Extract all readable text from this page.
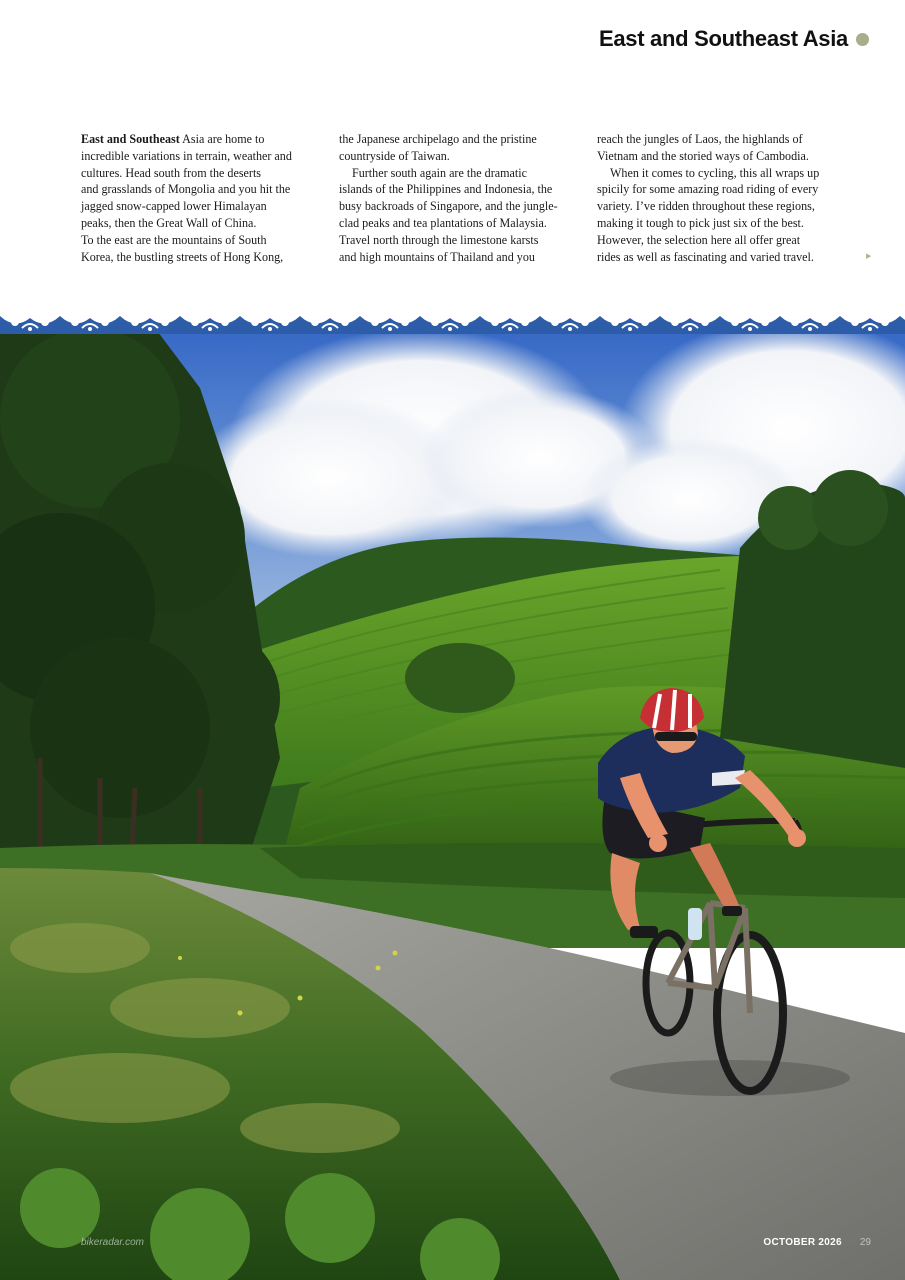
East and Southeast Asia

East and Southeast Asia are home to

incredible variations in terrain, weather and

cultures. Head south from the deserts

and grasslands of Mongolia and you hit the

jagged snow-capped lower Himalayan

peaks, then the Great Wall of China.

To the east are the mountains of South

Korea, the bustling streets of Hong Kong,

the Japanese archipelago and the pristine

countryside of Taiwan.

Further south again are the dramatic

islands of the Philippines and Indonesia, the

busy backroads of Singapore, and the jungle-

clad peaks and tea plantations of Malaysia.

Travel north through the limestone karsts

and high mountains of Thailand and you

reach the jungles of Laos, the highlands of

Vietnam and the storied ways of Cambodia.

When it comes to cycling, this all wraps up

spicily for some amazing road riding of every

variety. I’ve ridden throughout these regions,

making it tough to pick just six of the best.

However, the selection here all offer great

rides as well as fascinating and varied travel.	▶
bikeradar.com	OCTOBER 2026 29
